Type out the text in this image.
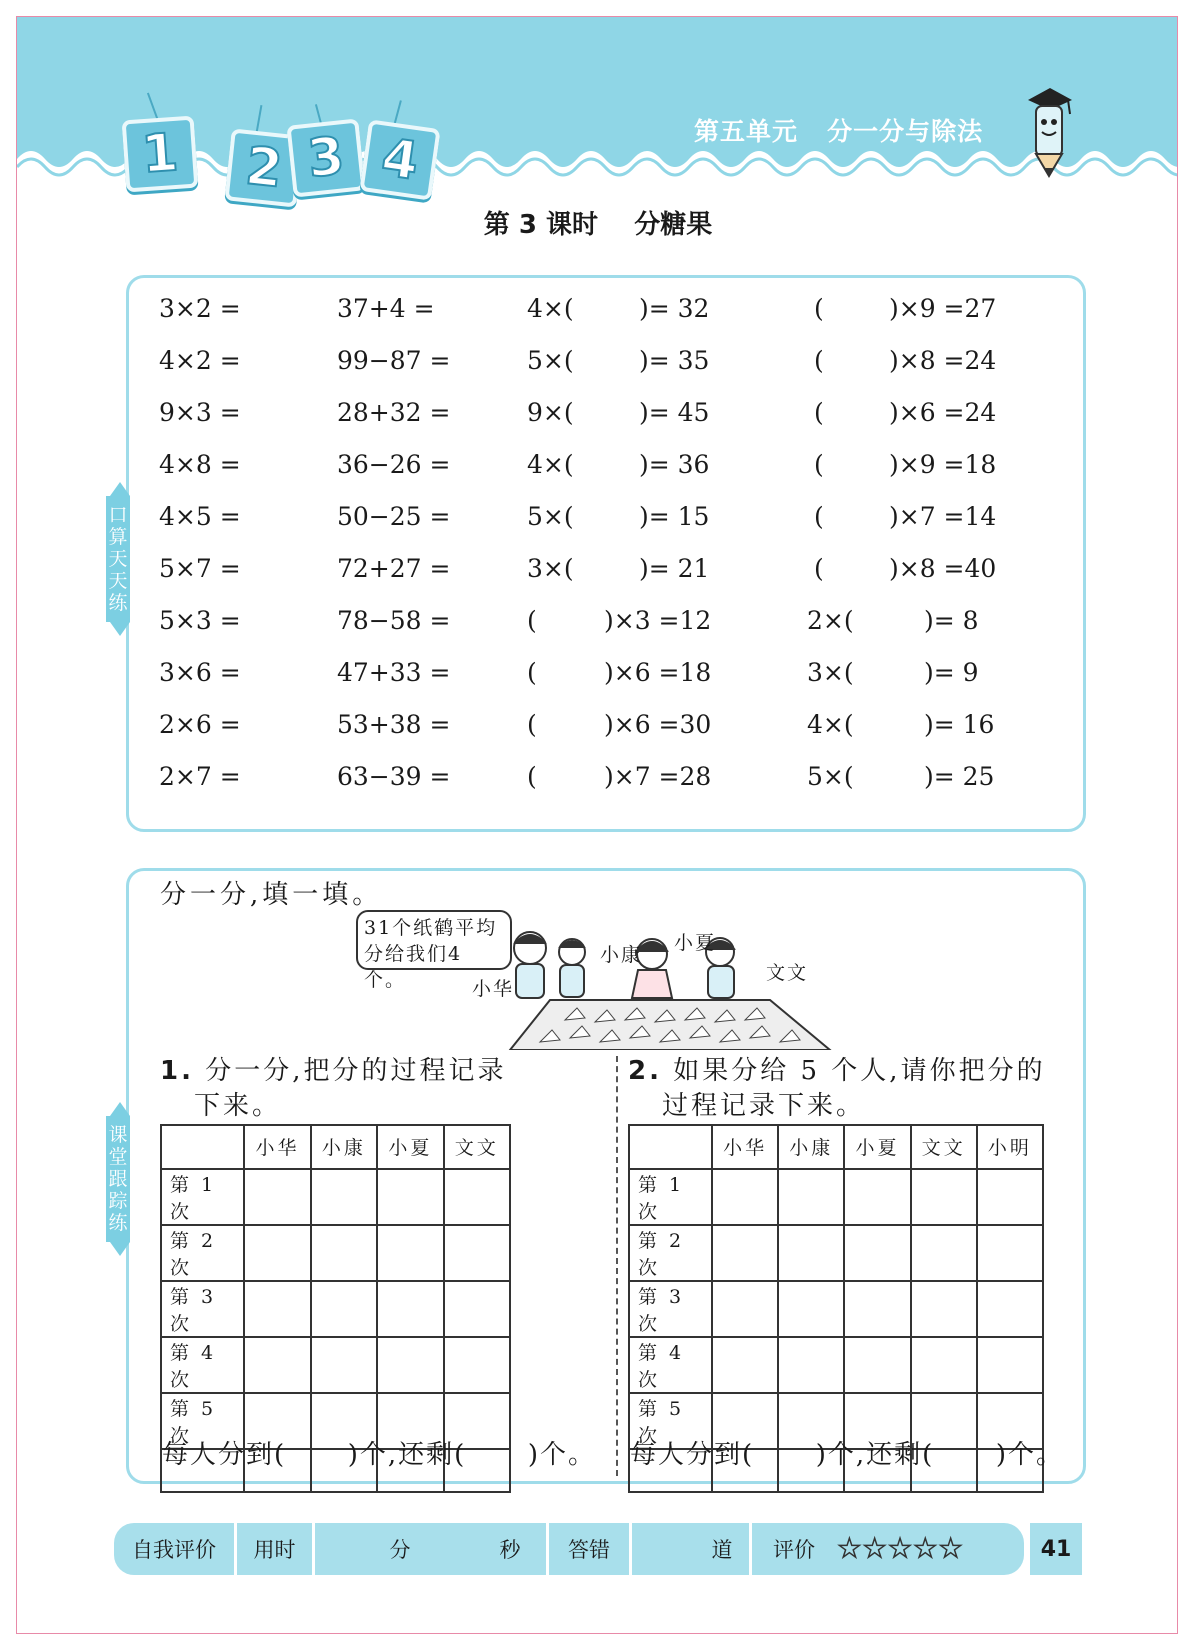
1	2 3 4	第五单元   分一分与除法
第 3 课时    分糖果
3×2 =	37+4 =	4×(	)= 32	(	)×9 =27
4×2 =	99−87 =	5×(	)= 35	(	)×8 =24
9×3 =	28+32 =	9×(	)= 45	(	)×6 =24
4×8 =	36−26 =	4×(	)= 36	(	)×9 =18
4×5 =	50−25 =	5×(	)= 15	(	)×7 =14
5×7 =	72+27 =	3×(	)= 21	(	)×8 =40
5×3 =	78−58 =	(	)×3 =12	2×(	)= 8
3×6 =	47+33 =	(	)×6 =18	3×(	)= 9
2×6 =	53+38 =	(	)×6 =30	4×(	)= 16
2×7 =	63−39 =	(	)×7 =28	5×(	)= 25
口算天天练
课堂跟踪练
分一分,填一填。
31个纸鹤平均
分给我们4个。	小华
小康
小夏
文文
1. 分一分,把分的过程记录
下来。
2. 如果分给 5 个人,请你把分的
过程记录下来。
	小华	小康	小夏	文文
第 1 次				
第 2 次				
第 3 次				
第 4 次				
第 5 次				

	小华	小康	小夏	文文	小明
第 1 次					
第 2 次					
第 3 次					
第 4 次					
第 5 次					

每人分到(      )个,还剩(      )个。 每人分到(      )个,还剩(      )个。
自我评价	用时	分	秒	答错	道	评价 ★ ★ ★ ★ ★	41
